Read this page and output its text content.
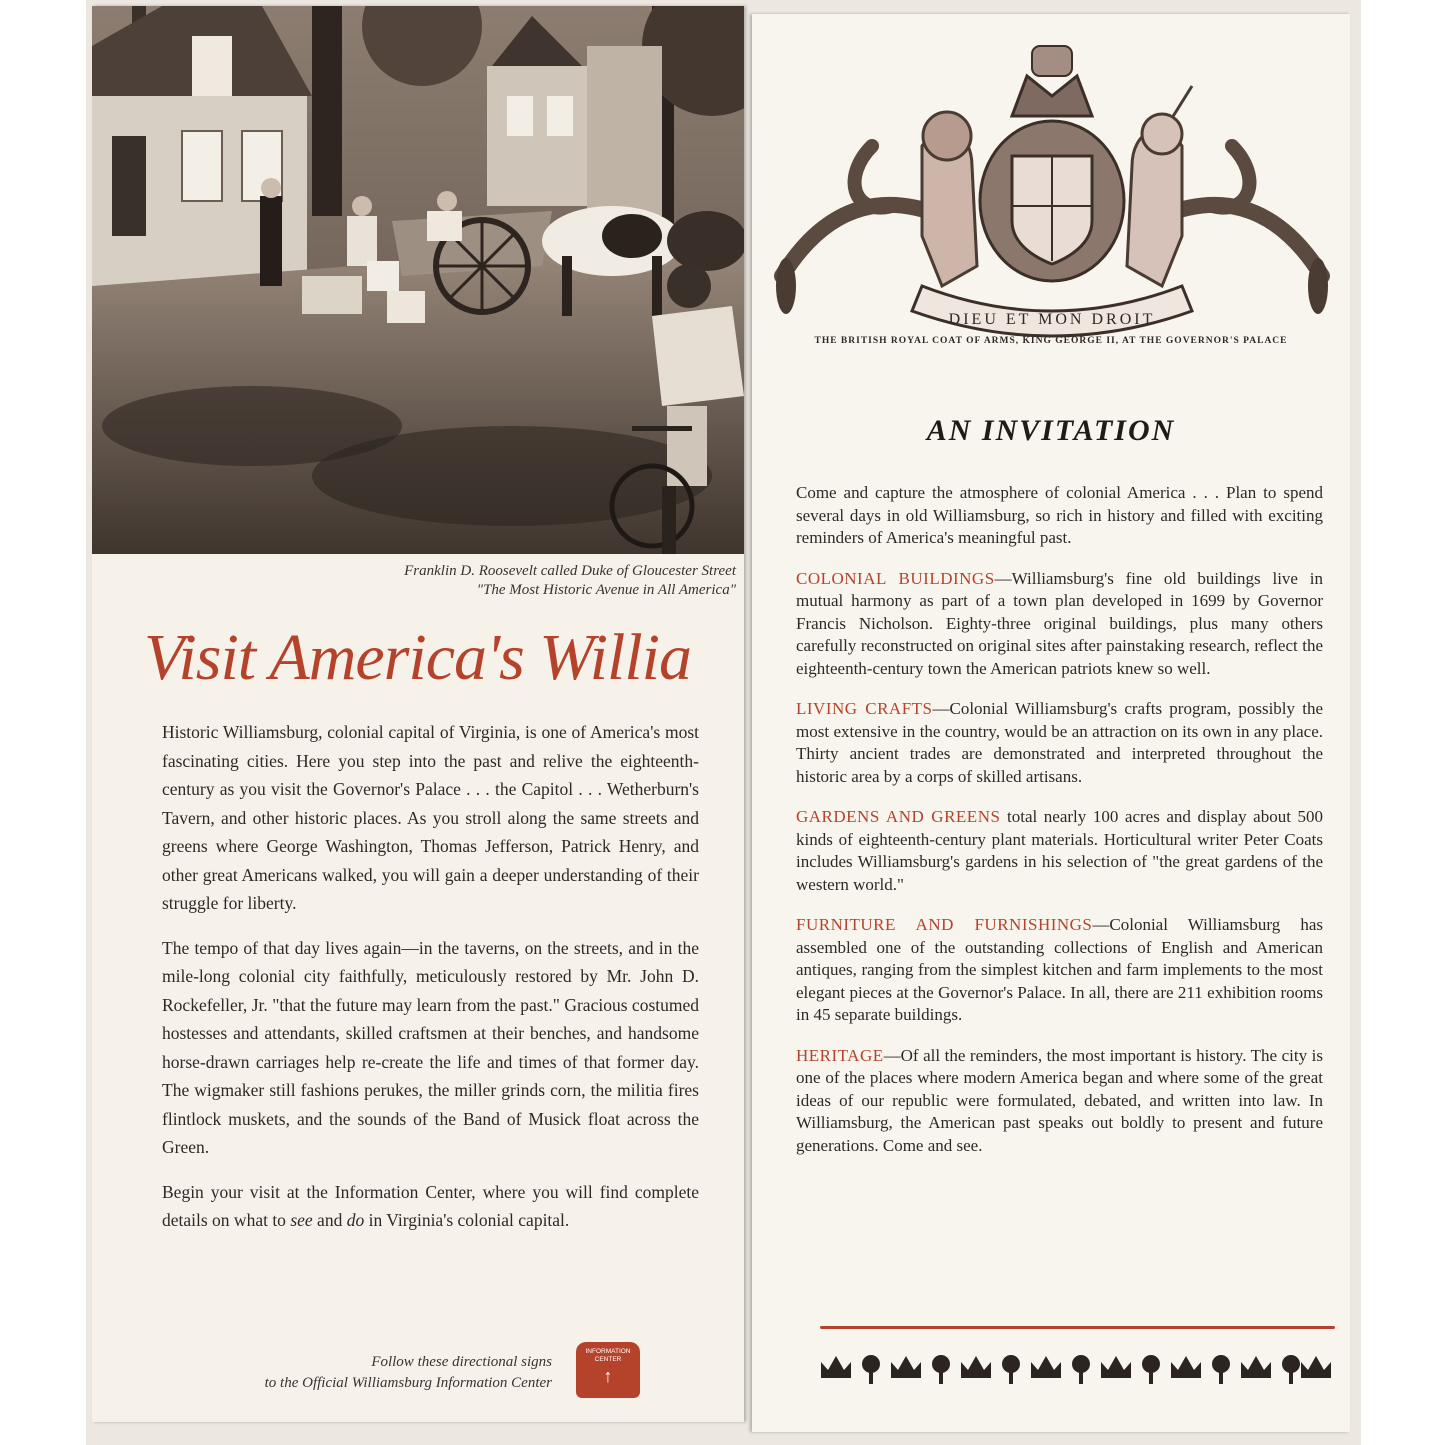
Franklin D. Roosevelt called Duke of Gloucester Street
"The Most Historic Avenue in All America"
Visit America's Willia

Historic Williamsburg, colonial capital of Virginia, is one of America's most fascinating cities. Here you step into the past and relive the eighteenth-century as you visit the Governor's Palace . . . the Capitol . . . Wetherburn's Tavern, and other historic places. As you stroll along the same streets and greens where George Washington, Thomas Jefferson, Patrick Henry, and other great Americans walked, you will gain a deeper understanding of their struggle for liberty.

The tempo of that day lives again—in the taverns, on the streets, and in the mile-long colonial city faithfully, meticulously restored by Mr. John D. Rockefeller, Jr. "that the future may learn from the past." Gracious costumed hostesses and attendants, skilled craftsmen at their benches, and handsome horse-drawn carriages help re-create the life and times of that former day. The wigmaker still fashions perukes, the miller grinds corn, the militia fires flintlock muskets, and the sounds of the Band of Musick float across the Green.

Begin your visit at the Information Center, where you will find complete details on what to see and do in Virginia's colonial capital.

Follow these directional signs
to the Official Williamsburg Information Center
INFORMATION
CENTER
↑
DIEU ET MON DROIT
THE BRITISH ROYAL COAT OF ARMS, KING GEORGE II, AT THE GOVERNOR'S PALACE
AN INVITATION

Come and capture the atmosphere of colonial America . . . Plan to spend several days in old Williamsburg, so rich in history and filled with exciting reminders of America's meaningful past.

COLONIAL BUILDINGS—Williamsburg's fine old buildings live in mutual harmony as part of a town plan developed in 1699 by Governor Francis Nicholson. Eighty-three original buildings, plus many others carefully reconstructed on original sites after painstaking research, reflect the eighteenth-century town the American patriots knew so well.

LIVING CRAFTS—Colonial Williamsburg's crafts program, possibly the most extensive in the country, would be an attraction on its own in any place. Thirty ancient trades are demonstrated and interpreted throughout the historic area by a corps of skilled artisans.

GARDENS AND GREENS total nearly 100 acres and display about 500 kinds of eighteenth-century plant materials. Horticultural writer Peter Coats includes Williamsburg's gardens in his selection of "the great gardens of the western world."

FURNITURE AND FURNISHINGS—Colonial Williamsburg has assembled one of the outstanding collections of English and American antiques, ranging from the simplest kitchen and farm implements to the most elegant pieces at the Governor's Palace. In all, there are 211 exhibition rooms in 45 separate buildings.

HERITAGE—Of all the reminders, the most important is history. The city is one of the places where modern America began and where some of the great ideas of our republic were formulated, debated, and written into law. In Williamsburg, the American past speaks out boldly to present and future generations. Come and see.
